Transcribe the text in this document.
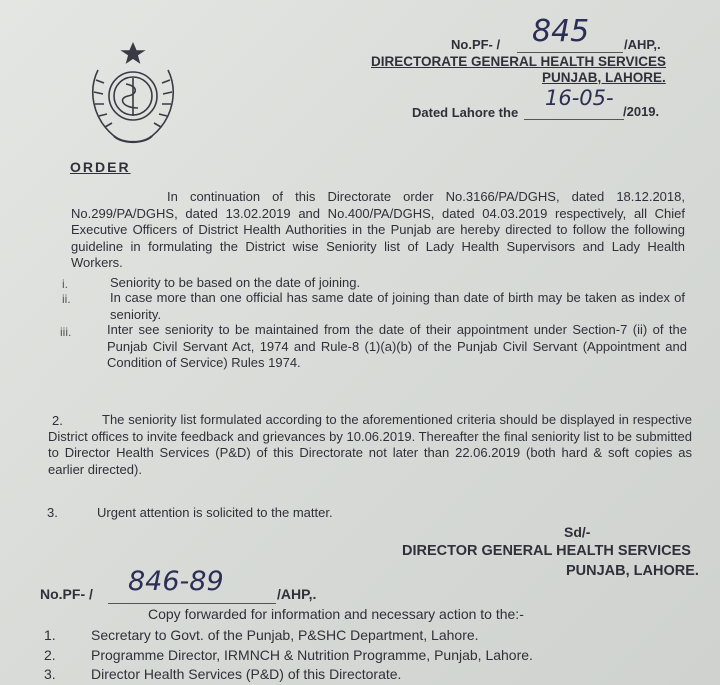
No.PF- / 845	/AHP,.
DIRECTORATE GENERAL HEALTH SERVICES
PUNJAB, LAHORE.
Dated Lahore the
16-05-
/2019.
ORDER
In continuation of this Directorate order No.3166/PA/DGHS, dated 18.12.2018, No.299/PA/DGHS, dated 13.02.2019 and No.400/PA/DGHS, dated 04.03.2019 respectively, all Chief Executive Officers of District Health Authorities in the Punjab are hereby directed to follow the following guideline in formulating the District wise Seniority list of Lady Health Supervisors and Lady Health Workers.
i.	Seniority to be based on the date of joining.
ii.	In case more than one official has same date of joining than date of birth may be taken as index of seniority.
iii.	Inter see seniority to be maintained from the date of their appointment under Section-7 (ii) of the Punjab Civil Servant Act, 1974 and Rule-8 (1)(a)(b) of the Punjab Civil Servant (Appointment and Condition of Service) Rules 1974.
2.	The seniority list formulated according to the aforementioned criteria should be displayed in respective District offices to invite feedback and grievances by 10.06.2019. Thereafter the final seniority list to be submitted to Director Health Services (P&D) of this Directorate not later than 22.06.2019 (both hard & soft copies as earlier directed).
3.	Urgent attention is solicited to the matter.
Sd/-
DIRECTOR GENERAL HEALTH SERVICES
PUNJAB, LAHORE.
No.PF- / 846-89	/AHP,.
Copy forwarded for information and necessary action to the:-
1.	Secretary to Govt. of the Punjab, P&SHC Department, Lahore.
2.	Programme Director, IRMNCH & Nutrition Programme, Punjab, Lahore.
3.	Director Health Services (P&D) of this Directorate.
